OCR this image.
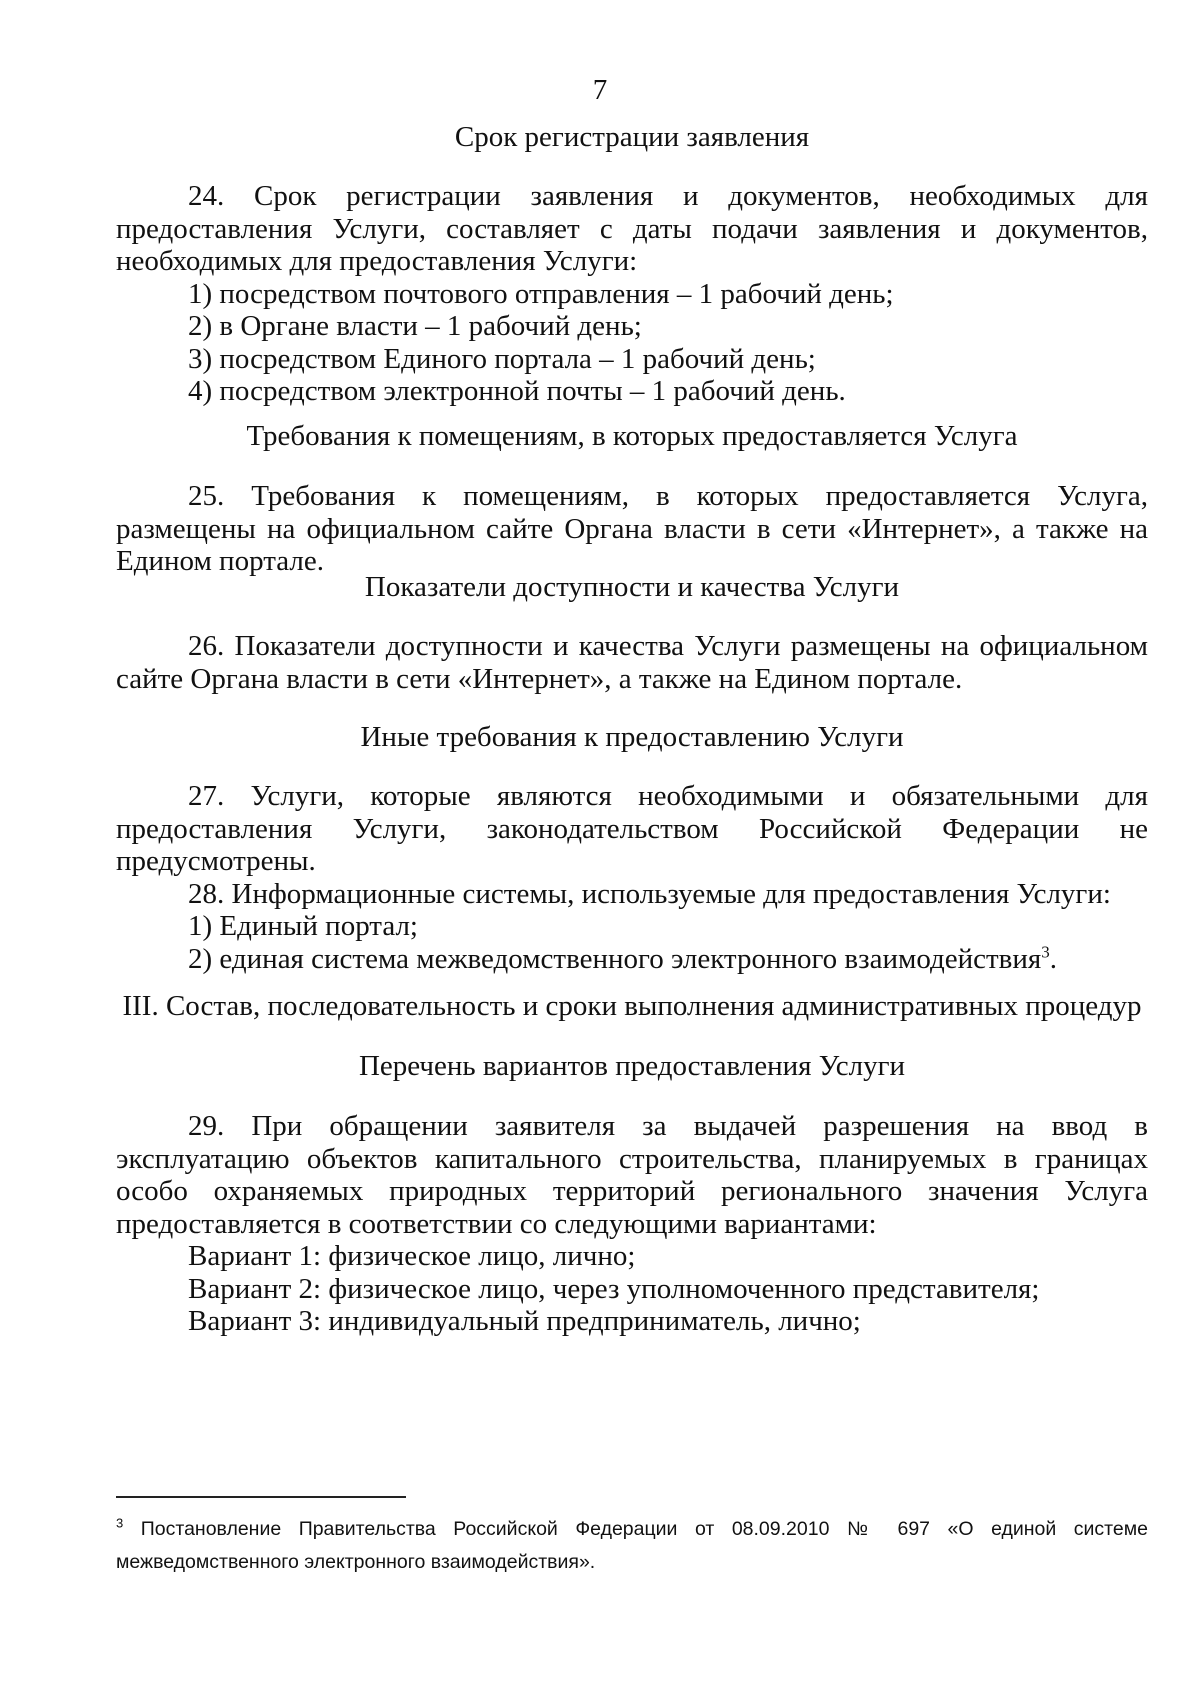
7
Срок регистрации заявления

24. Срок регистрации заявления и документов, необходимых для предоставления Услуги, составляет с даты подачи заявления и документов, необходимых для предоставления Услуги:

1) посредством почтового отправления – 1 рабочий день;

2) в Органе власти – 1 рабочий день;

3) посредством Единого портала – 1 рабочий день;

4) посредством электронной почты – 1 рабочий день.

Требования к помещениям, в которых предоставляется Услуга

25. Требования к помещениям, в которых предоставляется Услуга, размещены на официальном сайте Органа власти в сети «Интернет», а также на Едином портале.

Показатели доступности и качества Услуги

26. Показатели доступности и качества Услуги размещены на официальном сайте Органа власти в сети «Интернет», а также на Едином портале.

Иные требования к предоставлению Услуги

27. Услуги, которые являются необходимыми и обязательными для предоставления Услуги, законодательством Российской Федерации не предусмотрены.

28. Информационные системы, используемые для предоставления Услуги:

1) Единый портал;

2) единая система межведомственного электронного взаимодействия$^3$.

III. Состав, последовательность и сроки выполнения административных процедур
Перечень вариантов предоставления Услуги

29. При обращении заявителя за выдачей разрешения на ввод в эксплуатацию объектов капитального строительства, планируемых в границах особо охраняемых природных территорий регионального значения Услуга предоставляется в соответствии со следующими вариантами:

Вариант 1: физическое лицо, лично;

Вариант 2: физическое лицо, через уполномоченного представителя;

Вариант 3: индивидуальный предприниматель, лично;

$^3$ Постановление Правительства Российской Федерации от 08.09.2010 № 697 «О единой системе межведомственного электронного взаимодействия».
